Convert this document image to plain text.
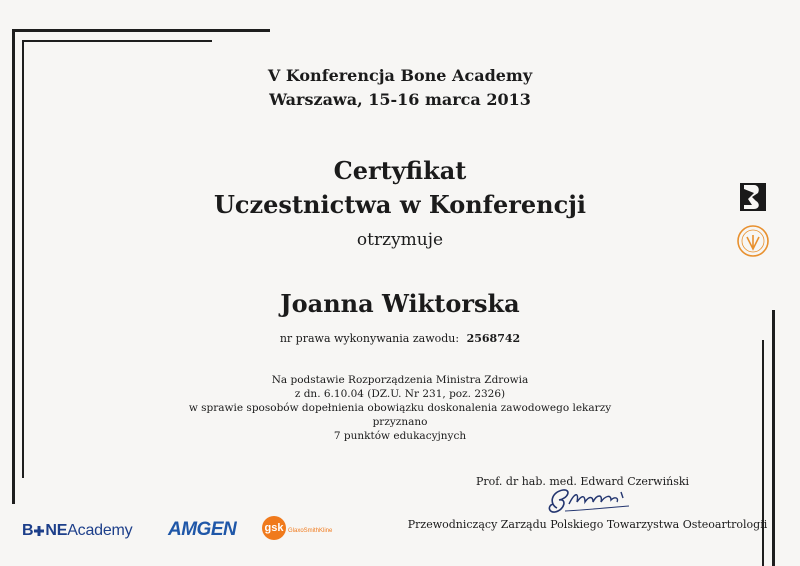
V Konferencja Bone Academy
Warszawa, 15-16 marca 2013
Certyfikat
Uczestnictwa w Konferencji
otrzymuje
Joanna Wiktorska
nr prawa wykonywania zawodu: 2568742
Na podstawie Rozporządzenia Ministra Zdrowia
z dn. 6.10.04 (DZ.U. Nr 231, poz. 2326)
w sprawie sposobów dopełnienia obowiązku doskonalenia zawodowego lekarzy
przyznano
7 punktów edukacyjnych
Prof. dr hab. med. Edward Czerwiński
Przewodniczący Zarządu Polskiego Towarzystwa Osteoartrologii
B NEAcademy AMGEN	gsk GlaxoSmithKline
